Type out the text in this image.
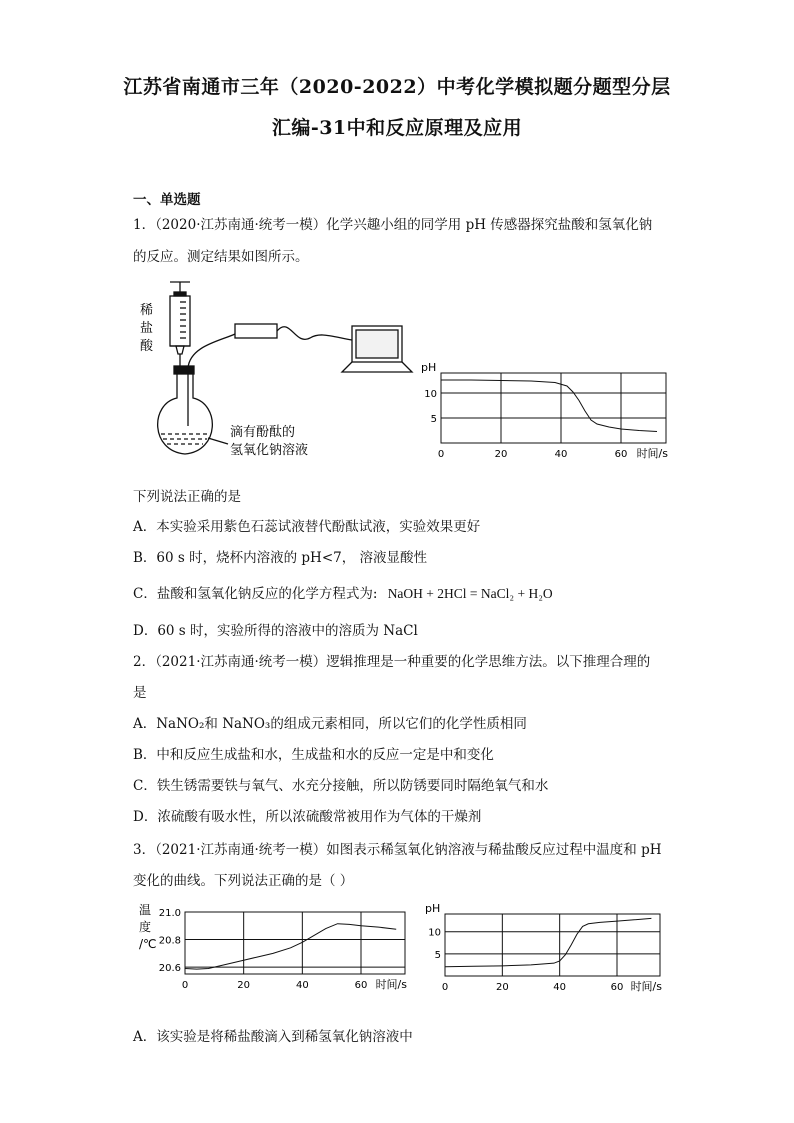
江苏省南通市三年（2020-2022）中考化学模拟题分题型分层
汇编-31中和反应原理及应用
一、单选题
1．（2020·江苏南通·统考一模）化学兴趣小组的同学用 pH 传感器探究盐酸和氢氧化钠
的反应。测定结果如图所示。
稀
盐
酸
滴有酚酞的
氢氧化钠溶液	0	20	40	60
5
10
时间/s
pH
下列说法正确的是
A．本实验采用紫色石蕊试液替代酚酞试液，实验效果更好
B．60 s 时，烧杯内溶液的 pH<7， 溶液显酸性
C．盐酸和氢氧化钠反应的化学方程式为: NaOH + 2HCl = NaCl₂ + H₂O
D．60 s 时，实验所得的溶液中的溶质为 NaCl
2．（2021·江苏南通·统考一模）逻辑推理是一种重要的化学思维方法。以下推理合理的
是
A．NaNO₂和 NaNO₃的组成元素相同，所以它们的化学性质相同
B．中和反应生成盐和水，生成盐和水的反应一定是中和变化
C．铁生锈需要铁与氧气、水充分接触，所以防锈要同时隔绝氧气和水
D．浓硫酸有吸水性，所以浓硫酸常被用作为气体的干燥剂
3．（2021·江苏南通·统考一模）如图表示稀氢氧化钠溶液与稀盐酸反应过程中温度和 pH
变化的曲线。下列说法正确的是（ ）
0	20	40	60
20.6
20.8
21.0
时间/s
温
度
/℃
0	20	40	60
5
10
时间/s
pH
A．该实验是将稀盐酸滴入到稀氢氧化钠溶液中
